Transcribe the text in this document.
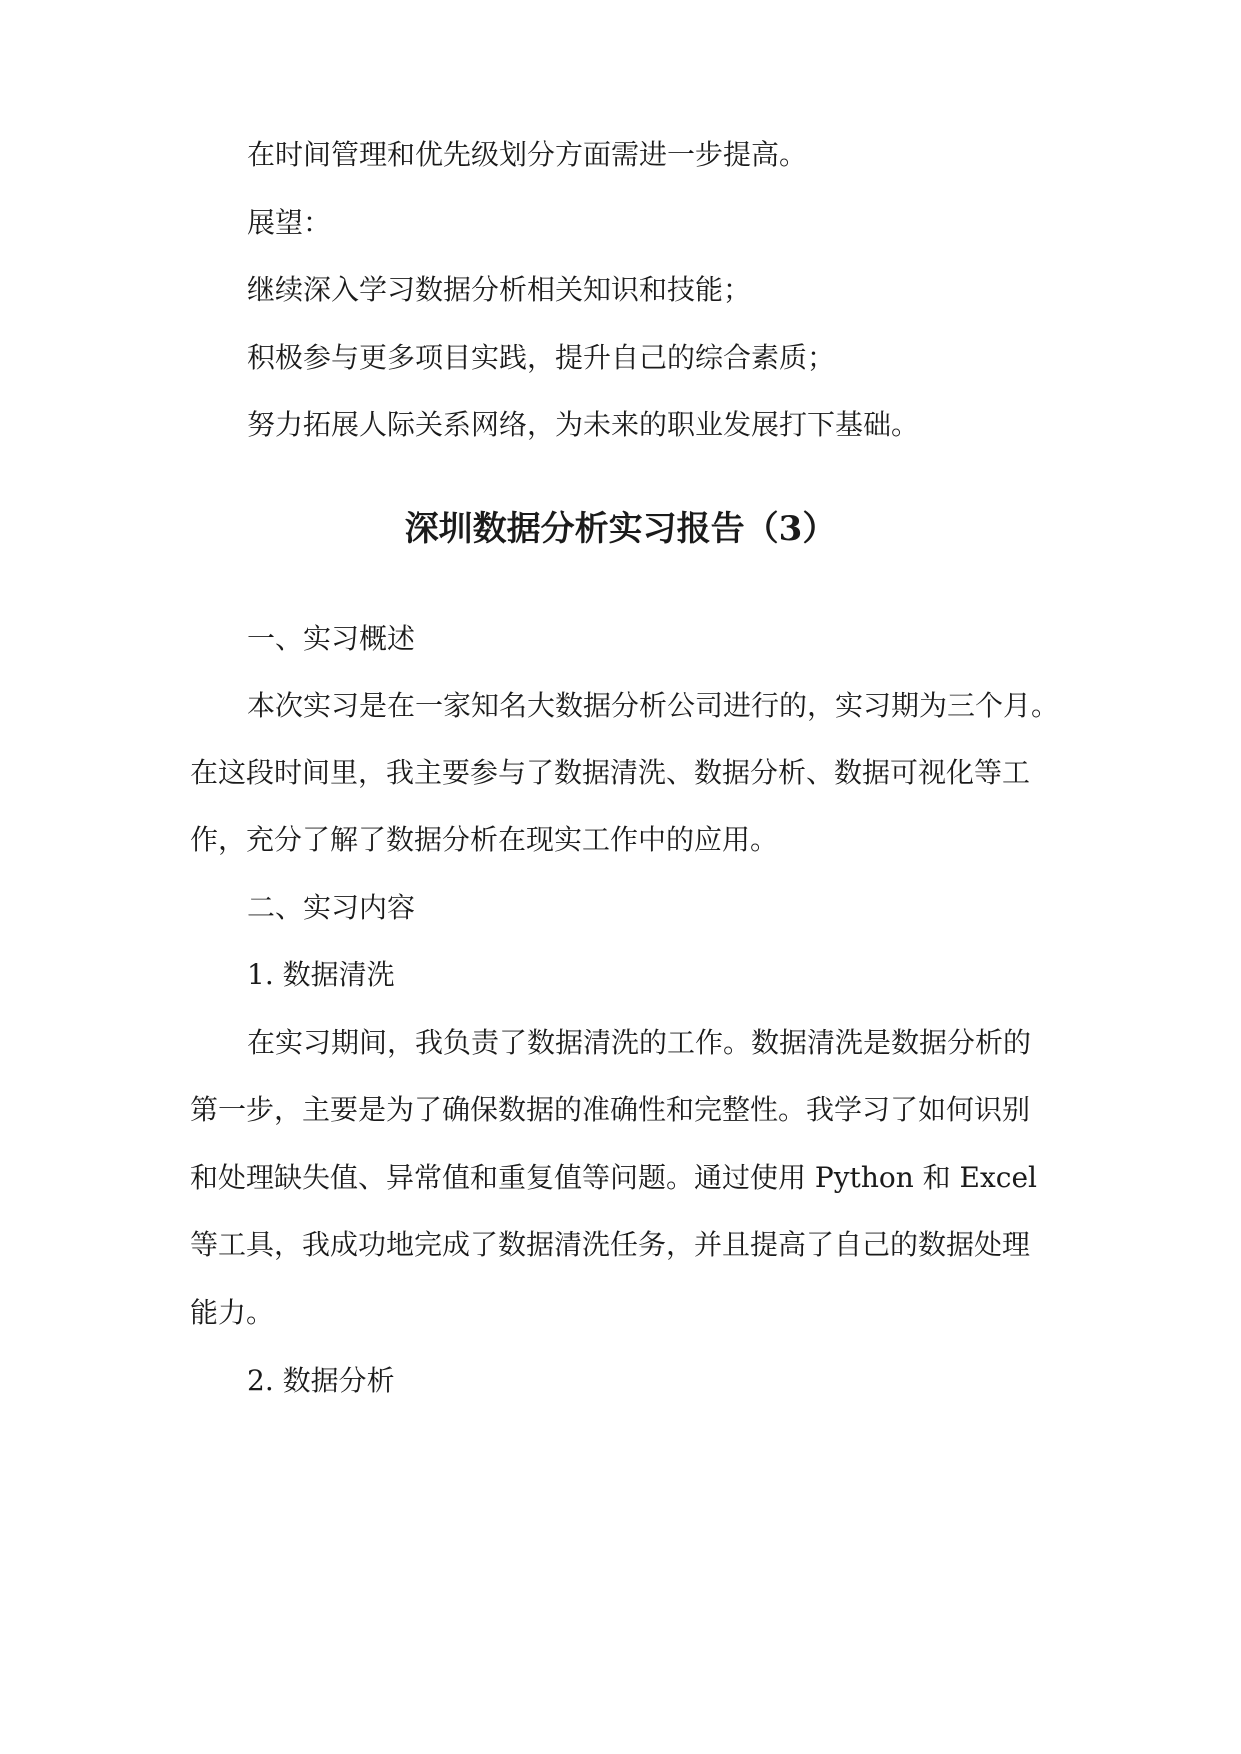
在时间管理和优先级划分方面需进一步提高。
展望：
继续深入学习数据分析相关知识和技能；
积极参与更多项目实践，提升自己的综合素质；
努力拓展人际关系网络，为未来的职业发展打下基础。
深圳数据分析实习报告（3）
一、实习概述
本次实习是在一家知名大数据分析公司进行的，实习期为三个月。
在这段时间里，我主要参与了数据清洗、数据分析、数据可视化等工
作，充分了解了数据分析在现实工作中的应用。
二、实习内容
1. 数据清洗
在实习期间，我负责了数据清洗的工作。数据清洗是数据分析的
第一步，主要是为了确保数据的准确性和完整性。我学习了如何识别
和处理缺失值、异常值和重复值等问题。通过使用 Python 和 Excel
等工具，我成功地完成了数据清洗任务，并且提高了自己的数据处理
能力。
2. 数据分析
